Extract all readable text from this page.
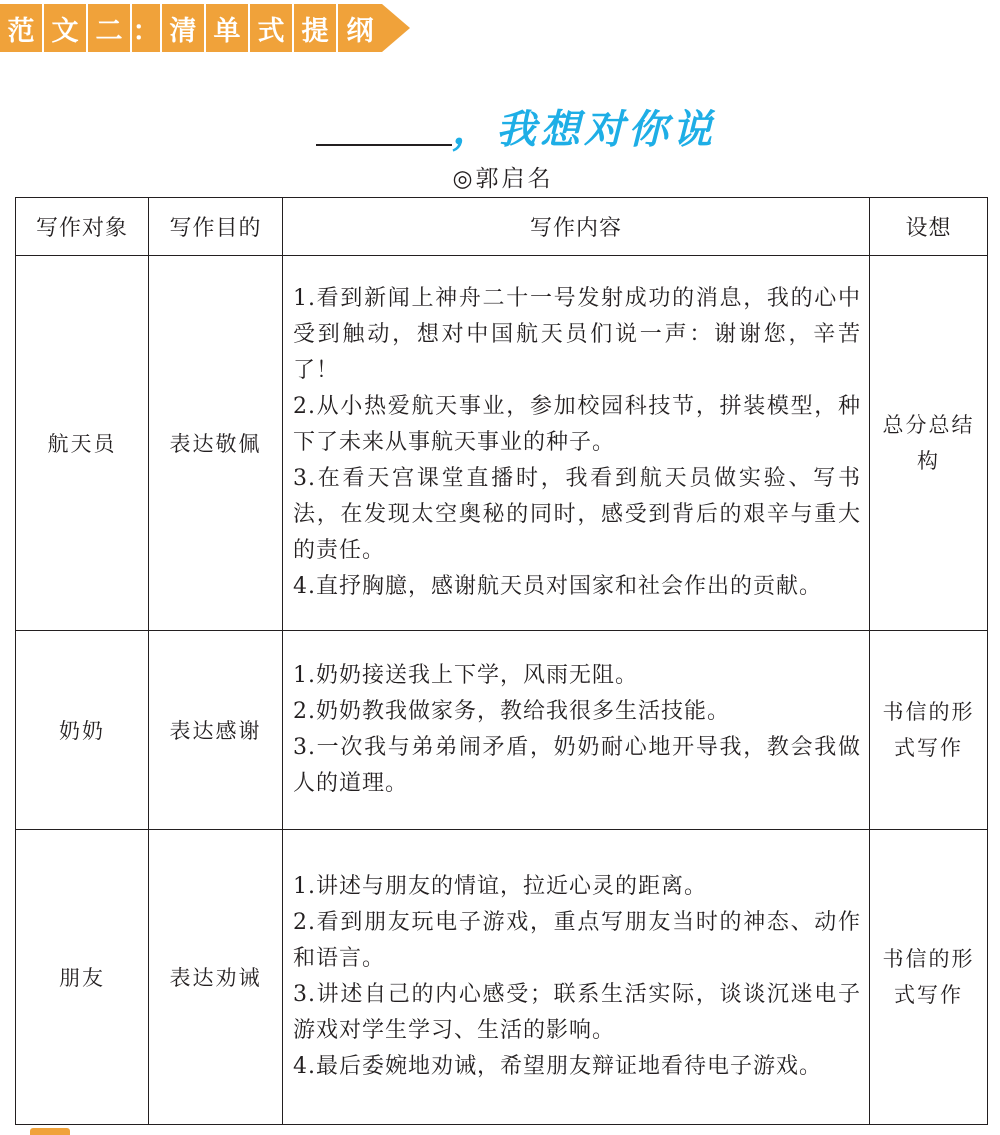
范 文 二 ： 清 单 式 提 纲
，我想对你说
◎郭启名
写作对象	写作目的	写作内容	设想
航天员	表达敬佩	1.看到新闻上神舟二十一号发射成功的消息，我的心中受到触动，想对中国航天员们说一声：谢谢您，辛苦了！

2.从小热爱航天事业，参加校园科技节，拼装模型，种下了未来从事航天事业的种子。

3.在看天宫课堂直播时，我看到航天员做实验、写书法，在发现太空奥秘的同时，感受到背后的艰辛与重大的责任。

4.直抒胸臆，感谢航天员对国家和社会作出的贡献。	总分总结构
奶奶	表达感谢	1.奶奶接送我上下学，风雨无阻。

2.奶奶教我做家务，教给我很多生活技能。

3.一次我与弟弟闹矛盾，奶奶耐心地开导我，教会我做人的道理。	书信的形式写作
朋友	表达劝诫	1.讲述与朋友的情谊，拉近心灵的距离。

2.看到朋友玩电子游戏，重点写朋友当时的神态、动作和语言。

3.讲述自己的内心感受；联系生活实际，谈谈沉迷电子游戏对学生学习、生活的影响。

4.最后委婉地劝诫，希望朋友辩证地看待电子游戏。	书信的形式写作
